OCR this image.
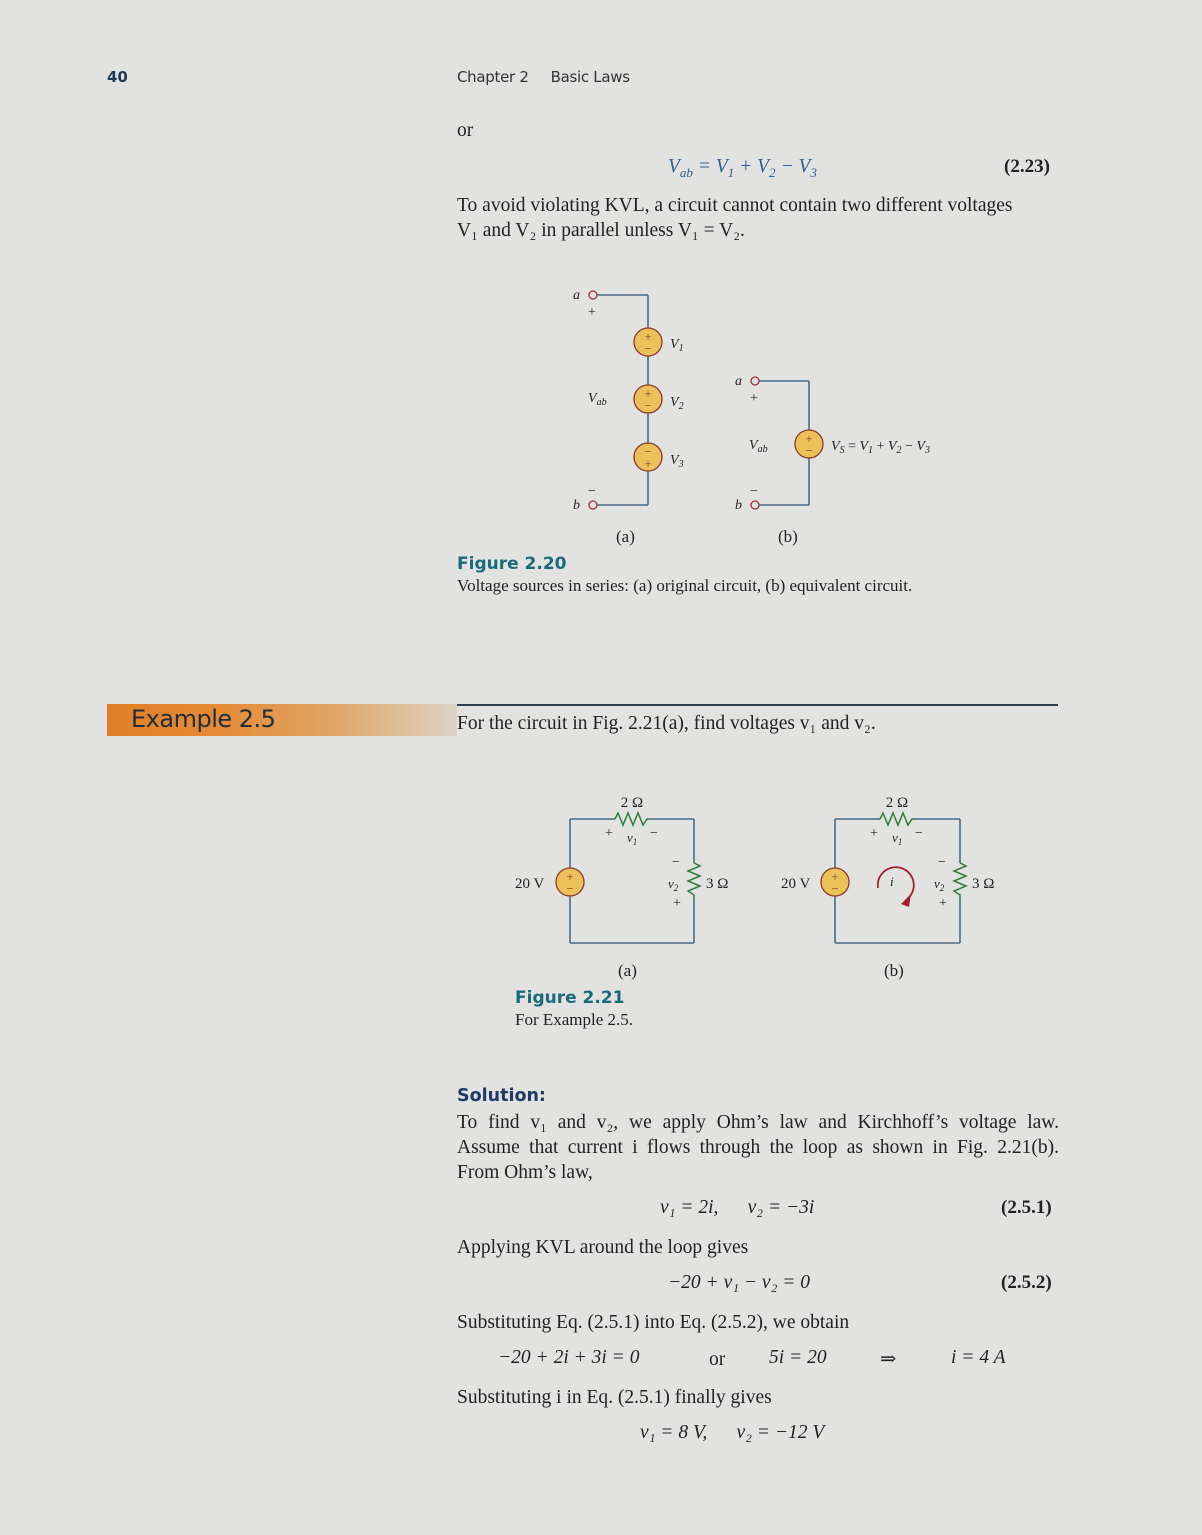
40	Chapter 2 Basic Laws
or
$V_{ab} = V_1 + V_2 - V_3$	(2.23)
To avoid violating KVL, a circuit cannot contain two different voltages
V₁ and V₂ in parallel unless V₁ = V₂.
+
−
+
−
−
+
a
+
−
b
$V_{ab}$
$V_1$
$V_2$
$V_3$
+
−
a
+
−
b
$V_{ab}$	$V_S = V_1 + V_2 - V_3$
(a)	(b)
Figure 2.20
Voltage sources in series: (a) original circuit, (b) equivalent circuit.
Example 2.5	For the circuit in Fig. 2.21(a), find voltages v₁ and v₂.
+
−
2 Ω
+ $v_1$
−
20 V
−
$v_2$
+
3 Ω	+
−	i
2 Ω
+ $v_1$
−
20 V
−
$v_2$
+
3 Ω
(a)	(b)
Figure 2.21
For Example 2.5.
Solution:
To find v₁ and v₂, we apply Ohm’s law and Kirchhoff’s voltage law.
Assume that current i flows through the loop as shown in Fig. 2.21(b).
From Ohm’s law,
v₁ = 2i,      v₂ = −3i	(2.5.1)
Applying KVL around the loop gives
−20 + v₁ − v₂ = 0	(2.5.2)
Substituting Eq. (2.5.1) into Eq. (2.5.2), we obtain
−20 + 2i + 3i = 0	or 5i = 20	⇒	i = 4 A
Substituting i in Eq. (2.5.1) finally gives
v₁ = 8 V,      v₂ = −12 V
